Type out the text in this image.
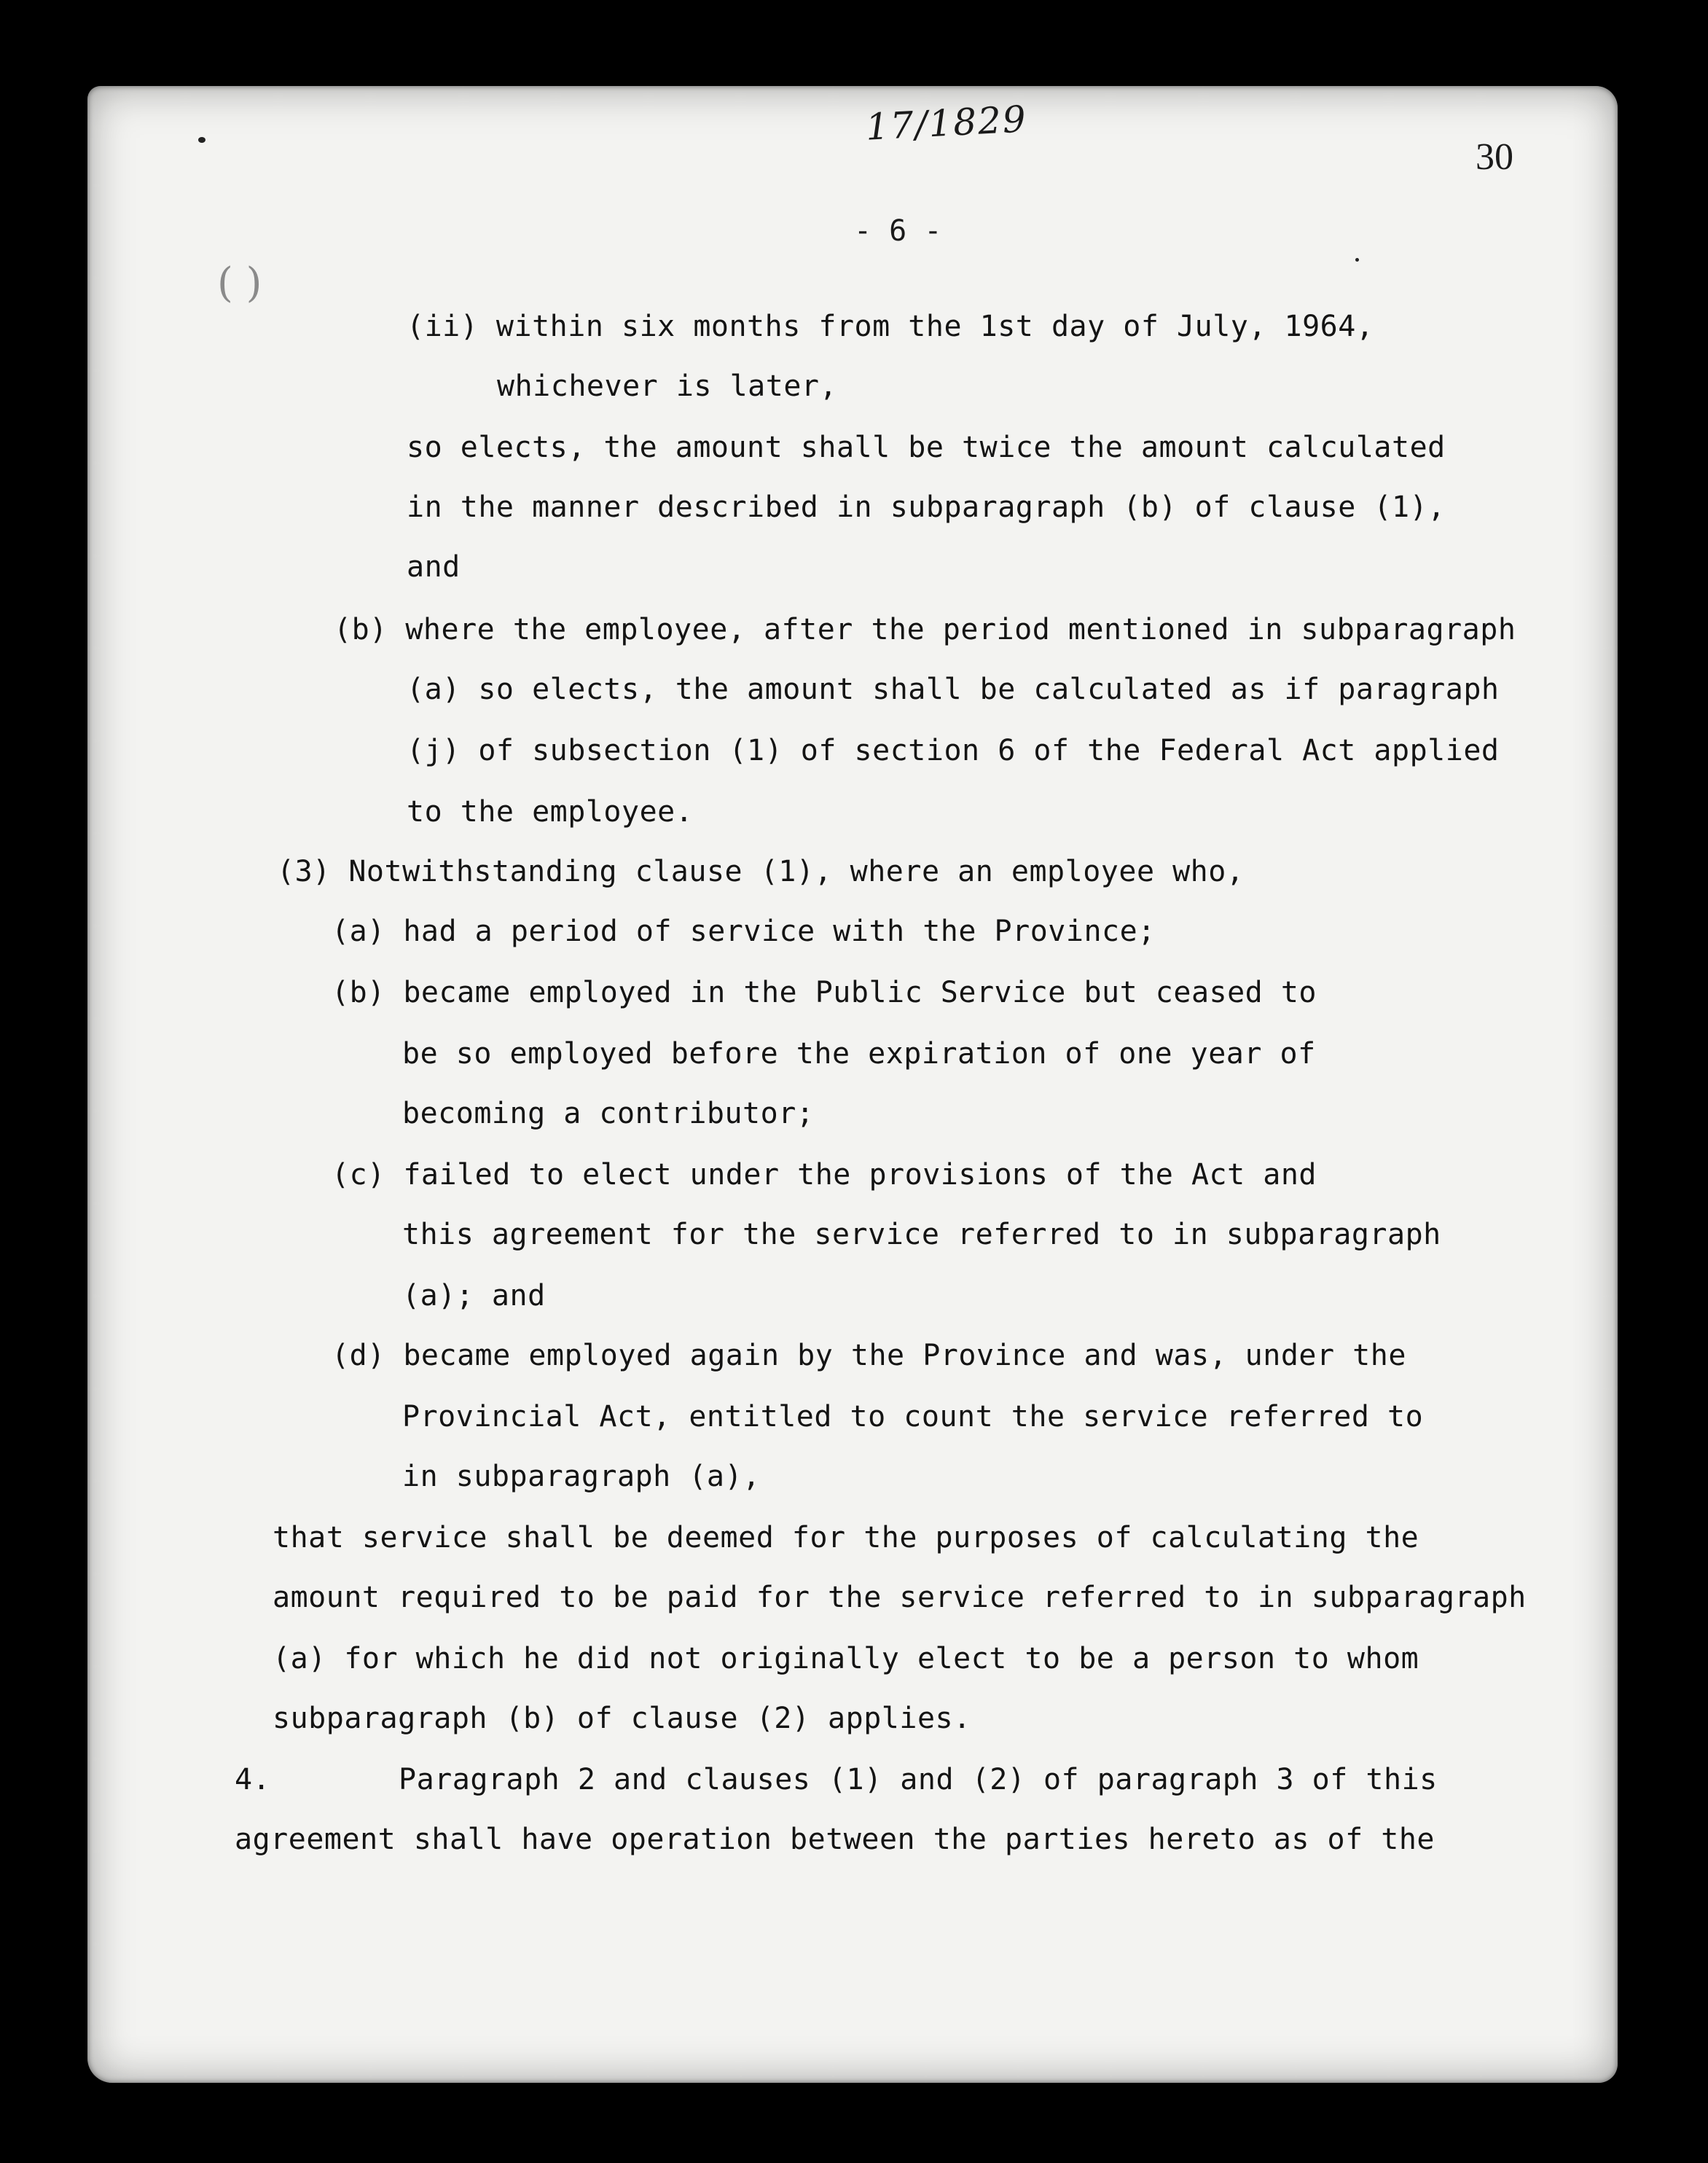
17/1829
30
- 6 -
( )
(ii) within six months from the 1st day of July, 1964,
whichever is later,
so elects, the amount shall be twice the amount calculated
in the manner described in subparagraph (b) of clause (1),
and
(b) where the employee, after the period mentioned in subparagraph
(a) so elects, the amount shall be calculated as if paragraph
(j) of subsection (1) of section 6 of the Federal Act applied
to the employee.
(3) Notwithstanding clause (1), where an employee who,
(a) had a period of service with the Province;
(b) became employed in the Public Service but ceased to
be so employed before the expiration of one year of
becoming a contributor;
(c) failed to elect under the provisions of the Act and
this agreement for the service referred to in subparagraph
(a); and
(d) became employed again by the Province and was, under the
Provincial Act, entitled to count the service referred to
in subparagraph (a),
that service shall be deemed for the purposes of calculating the
amount required to be paid for the service referred to in subparagraph
(a) for which he did not originally elect to be a person to whom
subparagraph (b) of clause (2) applies.
4.	Paragraph 2 and clauses (1) and (2) of paragraph 3 of this
agreement shall have operation between the parties hereto as of the
